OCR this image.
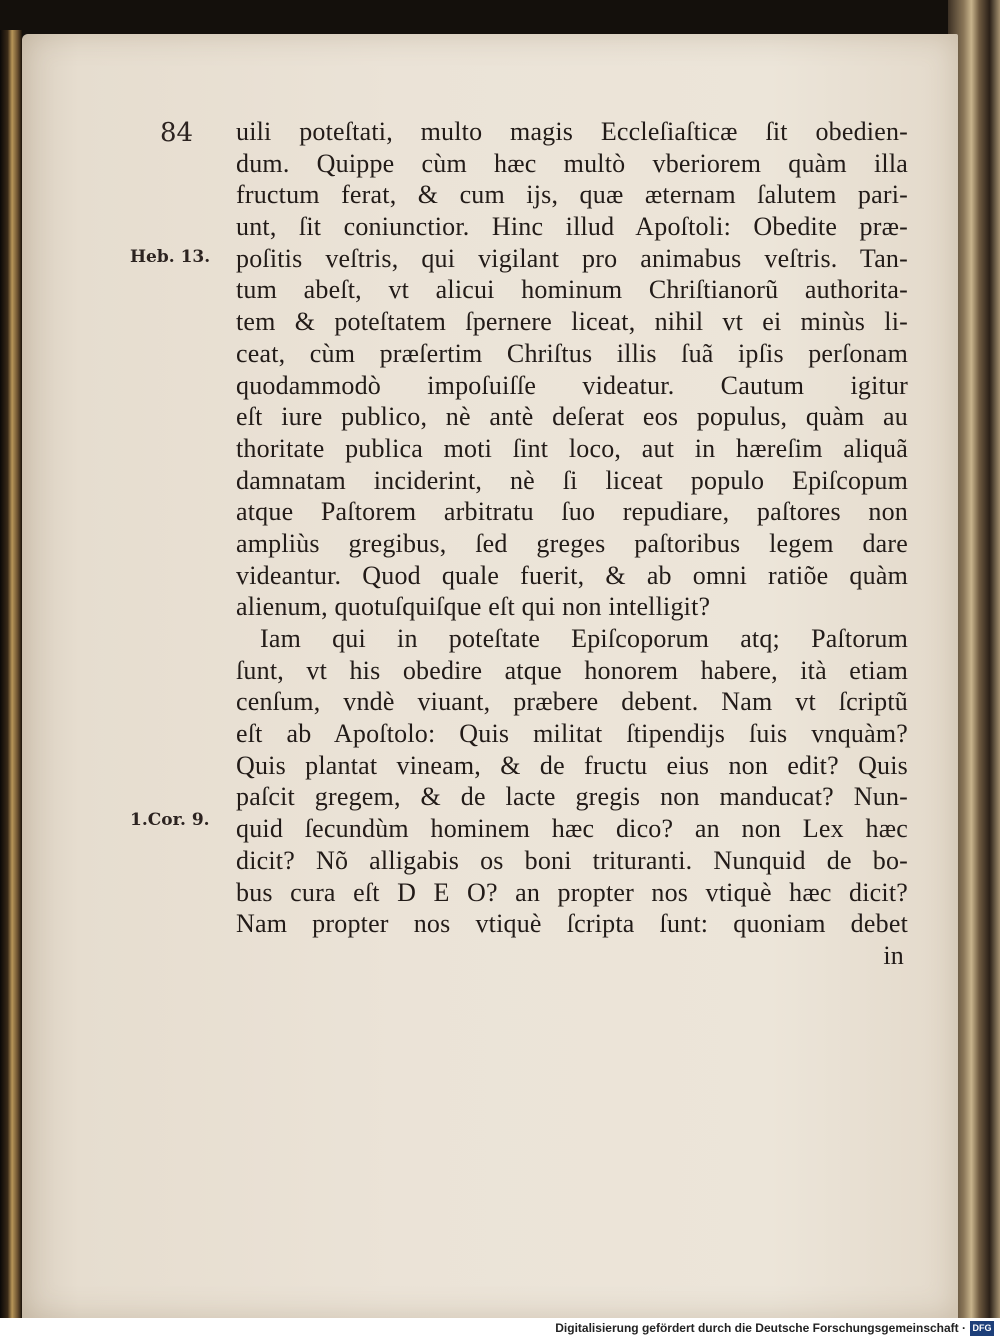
84
Heb. 13.
1.Cor. 9.
uili poteſtati, multo magis Eccleſiaſticæ ſit obedien-
dum. Quippe cùm hæc multò vberiorem quàm illa
fructum ferat, & cum ijs, quæ æternam ſalutem pari-
unt, ſit coniunctior. Hinc illud Apoſtoli: Obedite præ-
poſitis veſtris, qui vigilant pro animabus veſtris. Tan-
tum abeſt, vt alicui hominum Chriſtianorũ authorita-
tem & poteſtatem ſpernere liceat, nihil vt ei minùs li-
ceat, cùm præſertim Chriſtus illis ſuã ipſis perſonam
quodammodò impoſuiſſe videatur. Cautum igitur
eſt iure publico, nè antè deſerat eos populus, quàm au
thoritate publica moti ſint loco, aut in hæreſim aliquã
damnatam inciderint, nè ſi liceat populo Epiſcopum
atque Paſtorem arbitratu ſuo repudiare, paſtores non
ampliùs gregibus, ſed greges paſtoribus legem dare
videantur. Quod quale fuerit, & ab omni ratiõe quàm
alienum, quotuſquiſque eſt qui non intelligit?
Iam qui in poteſtate Epiſcoporum atq; Paſtorum
ſunt, vt his obedire atque honorem habere, ità etiam
cenſum, vndè viuant, præbere debent. Nam vt ſcriptũ
eſt ab Apoſtolo: Quis militat ſtipendijs ſuis vnquàm?
Quis plantat vineam, & de fructu eius non edit? Quis
paſcit gregem, & de lacte gregis non manducat? Nun-
quid ſecundùm hominem hæc dico? an non Lex hæc
dicit? Nõ alligabis os boni trituranti. Nunquid de bo-
bus cura eſt D E O? an propter nos vtiquè hæc dicit?
Nam propter nos vtiquè ſcripta ſunt: quoniam debet
in
Digitalisierung gefördert durch die Deutsche Forschungsgemeinschaft · DFG
